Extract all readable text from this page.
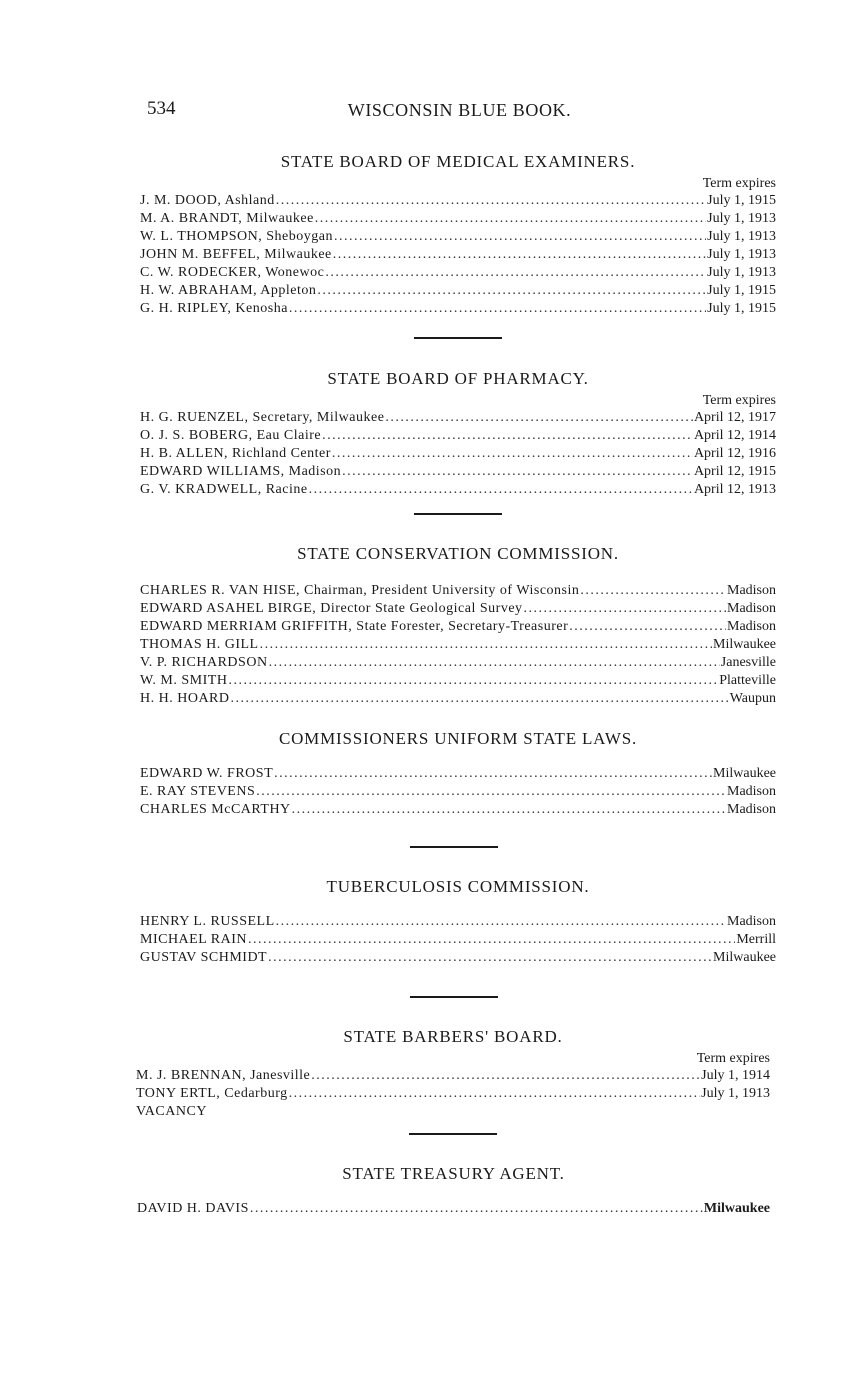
534	WISCONSIN BLUE BOOK.
STATE BOARD OF MEDICAL EXAMINERS.
Term expires
J. M. DOOD, Ashland .....	July 1, 1915
M. A. BRANDT, Milwaukee .....	July 1, 1913
W. L. THOMPSON, Sheboygan .....	July 1, 1913
JOHN M. BEFFEL, Milwaukee .....	July 1, 1913
C. W. RODECKER, Wonewoc .....	July 1, 1913
H. W. ABRAHAM, Appleton .....	July 1, 1915
G. H. RIPLEY, Kenosha .....	July 1, 1915
STATE BOARD OF PHARMACY.
Term expires
H. G. RUENZEL, Secretary, Milwaukee .....	April 12, 1917
O. J. S. BOBERG, Eau Claire .....	April 12, 1914
H. B. ALLEN, Richland Center .....	April 12, 1916
EDWARD WILLIAMS, Madison .....	April 12, 1915
G. V. KRADWELL, Racine .....	April 12, 1913
STATE CONSERVATION COMMISSION.
CHARLES R. VAN HISE, Chairman, President University of Wisconsin .....	Madison
EDWARD ASAHEL BIRGE, Director State Geological Survey .....	Madison
EDWARD MERRIAM GRIFFITH, State Forester, Secretary-Treasurer .....	Madison
THOMAS H. GILL .....	Milwaukee
V. P. RICHARDSON .....	Janesville
W. M. SMITH .....	Platteville
H. H. HOARD .....	Waupun
COMMISSIONERS UNIFORM STATE LAWS.
EDWARD W. FROST .....	Milwaukee
E. RAY STEVENS .....	Madison
CHARLES McCARTHY .....	Madison
TUBERCULOSIS COMMISSION.
HENRY L. RUSSELL .....	Madison
MICHAEL RAIN .....	Merrill
GUSTAV SCHMIDT .....	Milwaukee
STATE BARBERS' BOARD.
Term expires
M. J. BRENNAN, Janesville .....	July 1, 1914
TONY ERTL, Cedarburg .....	July 1, 1913
VACANCY
STATE TREASURY AGENT.
DAVID H. DAVIS .....	Milwaukee
